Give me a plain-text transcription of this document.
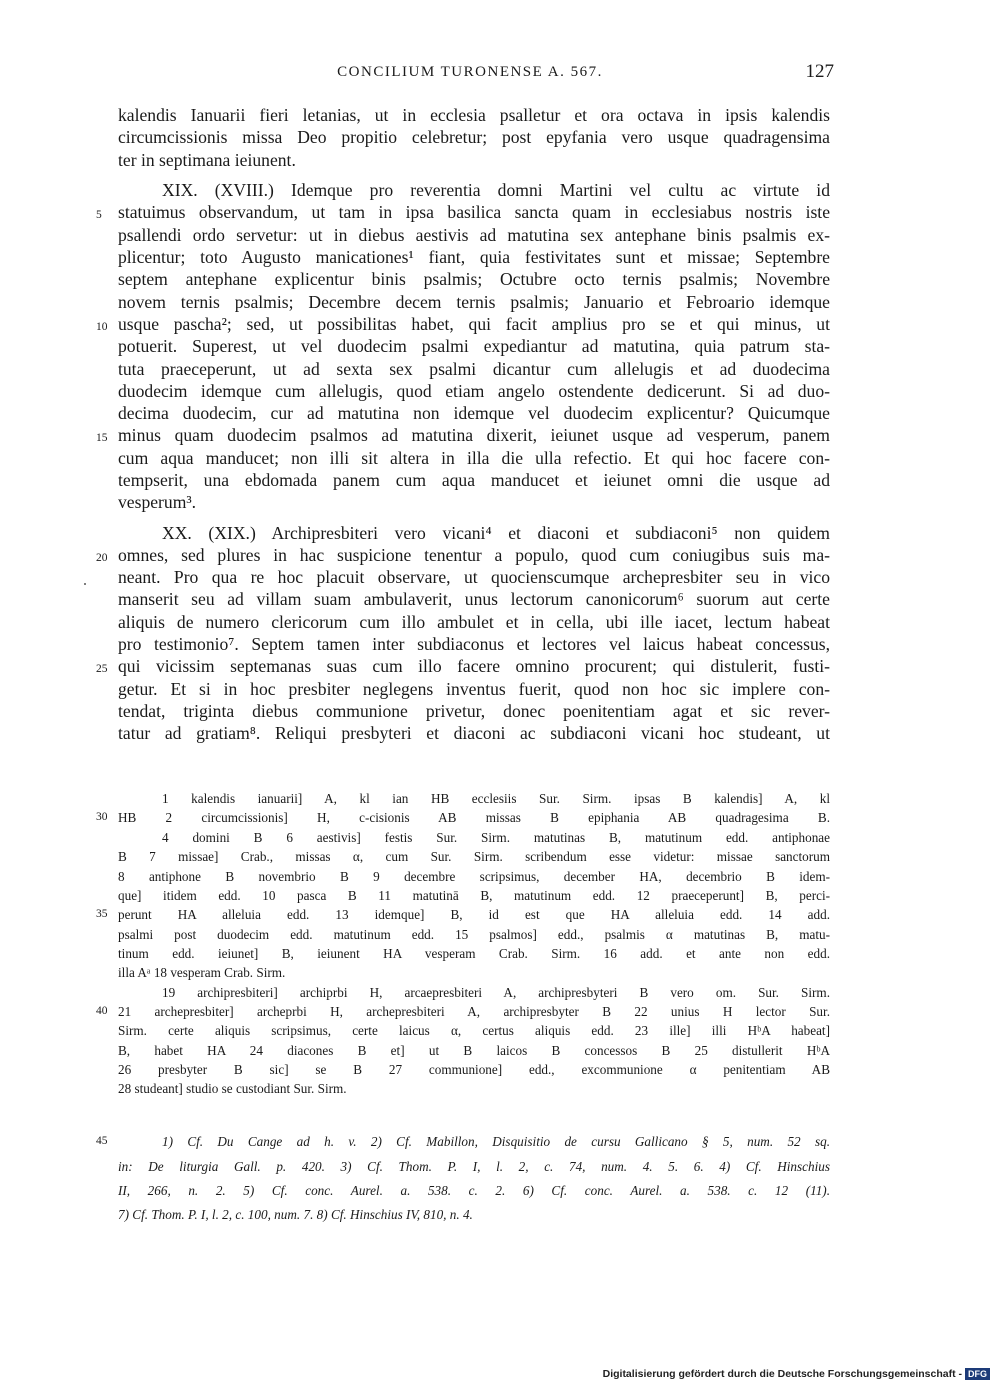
CONCILIUM TURONENSE A. 567.	127
kalendis Ianuarii fieri letanias, ut in ecclesia psalletur et ora octava in ipsis kalendis
circumcissionis missa Deo propitio celebretur; post epyfania vero usque quadragensima
ter in septimana ieiunent.
XIX. (XVIII.) Idemque pro reverentia domni Martini vel cultu ac virtute id
statuimus observandum, ut tam in ipsa basilica sancta quam in ecclesiabus nostris iste
psallendi ordo servetur: ut in diebus aestivis ad matutina sex antephane binis psalmis ex-
plicentur; toto Augusto manicationes¹ fiant, quia festivitates sunt et missae; Septembre
septem antephane explicentur binis psalmis; Octubre octo ternis psalmis; Novembre
novem ternis psalmis; Decembre decem ternis psalmis; Januario et Febroario idemque
usque pascha²; sed, ut possibilitas habet, qui facit amplius pro se et qui minus, ut
potuerit. Superest, ut vel duodecim psalmi expediantur ad matutina, quia patrum sta-
tuta praeceperunt, ut ad sexta sex psalmi dicantur cum allelugis et ad duodecima
duodecim idemque cum allelugis, quod etiam angelo ostendente dedicerunt. Si ad duo-
decima duodecim, cur ad matutina non idemque vel duodecim explicentur? Quicumque
minus quam duodecim psalmos ad matutina dixerit, ieiunet usque ad vesperum, panem
cum aqua manducet; non illi sit altera in illa die ulla refectio. Et qui hoc facere con-
tempserit, una ebdomada panem cum aqua manducet et ieiunet omni die usque ad
vesperum³.
XX. (XIX.) Archipresbiteri vero vicani⁴ et diaconi et subdiaconi⁵ non quidem
omnes, sed plures in hac suspicione tenentur a populo, quod cum coniugibus suis ma-
neant. Pro qua re hoc placuit observare, ut quocienscumque archepresbiter seu in vico
manserit seu ad villam suam ambulaverit, unus lectorum canonicorum⁶ suorum aut certe
aliquis de numero clericorum cum illo ambulet et in cella, ubi ille iacet, lectum habeat
pro testimonio⁷. Septem tamen inter subdiaconus et lectores vel laicus habeat concessus,
qui vicissim septemanas suas cum illo facere omnino procurent; qui distulerit, fusti-
getur. Et si in hoc presbiter neglegens inventus fuerit, quod non hoc sic implere con-
tendat, triginta diebus communione privetur, donec poenitentiam agat et sic rever-
tatur ad gratiam⁸. Reliqui presbyteri et diaconi ac subdiaconi vicani hoc studeant, ut
5
10
15
20
25
1 kalendis ianuarii] A, kl ian HB ecclesiis Sur. Sirm. ipsas B kalendis] A, kl
HB 2 circumcissionis] H, c-cisionis AB missas B epiphania AB quadragesima B.
4 domini B 6 aestivis] festis Sur. Sirm. matutinas B, matutinum edd. antiphonae
B 7 missae] Crab., missas α, cum Sur. Sirm. scribendum esse videtur: missae sanctorum
8 antiphone B novembrio B 9 decembre scripsimus, december HA, decembrio B idem-
que] itidem edd. 10 pasca B 11 matutinā B, matutinum edd. 12 praeceperunt] B, perci-
perunt HA alleluia edd. 13 idemque] B, id est que HA alleluia edd. 14 add.
psalmi post duodecim edd. matutinum edd. 15 psalmos] edd., psalmis α matutinas B, matu-
tinum edd. ieiunet] B, ieiunent HA vesperam Crab. Sirm. 16 add. et ante non edd.
illa Aᵃ 18 vesperam Crab. Sirm.
19 archipresbiteri] archiprbi H, arcaepresbiteri A, archipresbyteri B vero om. Sur. Sirm.
21 archepresbiter] archeprbi H, archepresbiteri A, archipresbyter B 22 unius H lector Sur.
Sirm. certe aliquis scripsimus, certe laicus α, certus aliquis edd. 23 ille] illi HᵇA habeat]
B, habet HA 24 diacones B et] ut B laicos B concessos B 25 distullerit HᵇA
26 presbyter B sic] se B 27 communione] edd., excommunione α penitentiam AB
28 studeant] studio se custodiant Sur. Sirm.
30
35
40
1) Cf. Du Cange ad h. v. 2) Cf. Mabillon, Disquisitio de cursu Gallicano § 5, num. 52 sq.
in: De liturgia Gall. p. 420. 3) Cf. Thom. P. I, l. 2, c. 74, num. 4. 5. 6. 4) Cf. Hinschius
II, 266, n. 2. 5) Cf. conc. Aurel. a. 538. c. 2. 6) Cf. conc. Aurel. a. 538. c. 12 (11).
7) Cf. Thom. P. I, l. 2, c. 100, num. 7. 8) Cf. Hinschius IV, 810, n. 4.
45
Digitalisierung gefördert durch die Deutsche Forschungsgemeinschaft - DFG
